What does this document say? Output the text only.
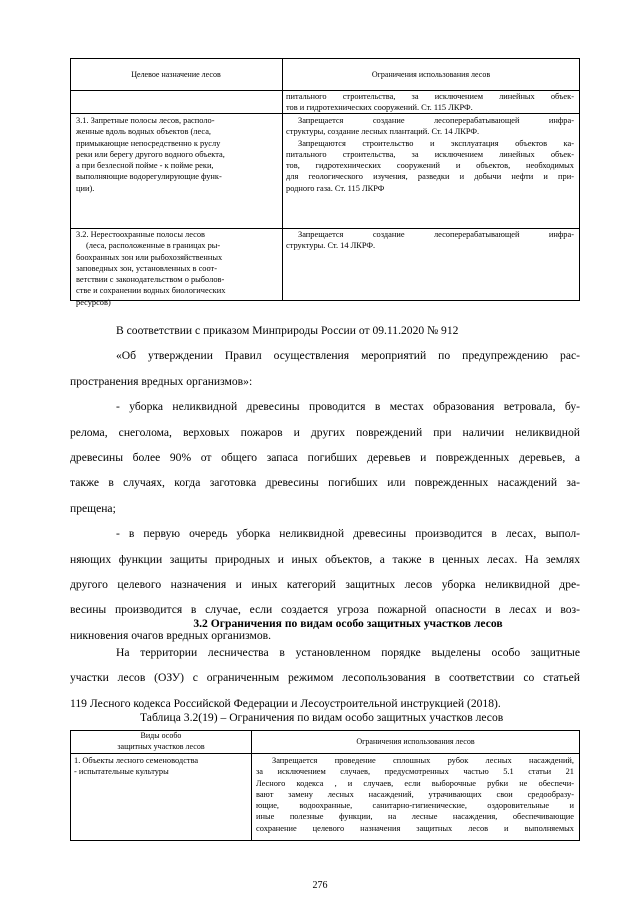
Целевое назначение лесов	Ограничения использования лесов
питального строительства, за исключением линейных объек-
тов и гидротехнических сооружений. Ст. 115 ЛКРФ.
3.1. Запретные полосы лесов, располо-
женные вдоль водных объектов (леса,
примыкающие непосредственно к руслу
реки или берегу другого водного объекта,
а при безлесной пойме - к пойме реки,
выполняющие водорегулирующие функ-
ции).
Запрещается создание лесоперерабатывающей инфра-
структуры, создание лесных плантаций. Ст. 14 ЛКРФ.
Запрещаются строительство и эксплуатация объектов ка-
питального строительства, за исключением линейных объек-
тов, гидротехнических сооружений и объектов, необходимых
для геологического изучения, разведки и добычи нефти и при-
родного газа. Ст. 115 ЛКРФ
3.2. Нерестоохранные полосы лесов
(леса, расположенные в границах ры-
боохранных зон или рыбохозяйственных
заповедных зон, установленных в соот-
ветствии с законодательством о рыболов-
стве и сохранении водных биологических
ресурсов)
Запрещается создание лесоперерабатывающей инфра-
структуры. Ст. 14 ЛКРФ.
В соответствии с приказом Минприроды России от 09.11.2020 № 912
«Об утверждении Правил осуществления мероприятий по предупреждению рас-
пространения вредных организмов»:
- уборка неликвидной древесины проводится в местах образования ветровала, бу-
релома, снеголома, верховых пожаров и других повреждений при наличии неликвидной
древесины более 90% от общего запаса погибших деревьев и поврежденных деревьев, а
также в случаях, когда заготовка древесины погибших или поврежденных насаждений за-
прещена;
- в первую очередь уборка неликвидной древесины производится в лесах, выпол-
няющих функции защиты природных и иных объектов, а также в ценных лесах. На землях
другого целевого назначения и иных категорий защитных лесов уборка неликвидной дре-
весины производится в случае, если создается угроза пожарной опасности в лесах и воз-
никновения очагов вредных организмов.
3.2 Ограничения по видам особо защитных участков лесов
На территории лесничества в установленном порядке выделены особо защитные
участки лесов (ОЗУ) с ограниченным режимом лесопользования в соответствии со статьей
119 Лесного кодекса Российской Федерации и Лесоустроительной инструкцией (2018).
Таблица 3.2(19) – Ограничения по видам особо защитных участков лесов
Виды особо
защитных участков лесов	Ограничения использования лесов
1. Объекты лесного семеноводства
- испытательные культуры
Запрещается проведение сплошных рубок лесных насаждений,
за исключением случаев, предусмотренных частью 5.1 статьи 21
Лесного кодекса , и случаев, если выборочные рубки не обеспечи-
вают замену лесных насаждений, утрачивающих свои средообразу-
ющие, водоохранные, санитарно-гигиенические, оздоровительные и
иные полезные функции, на лесные насаждения, обеспечивающие
сохранение целевого назначения защитных лесов и выполняемых
276
